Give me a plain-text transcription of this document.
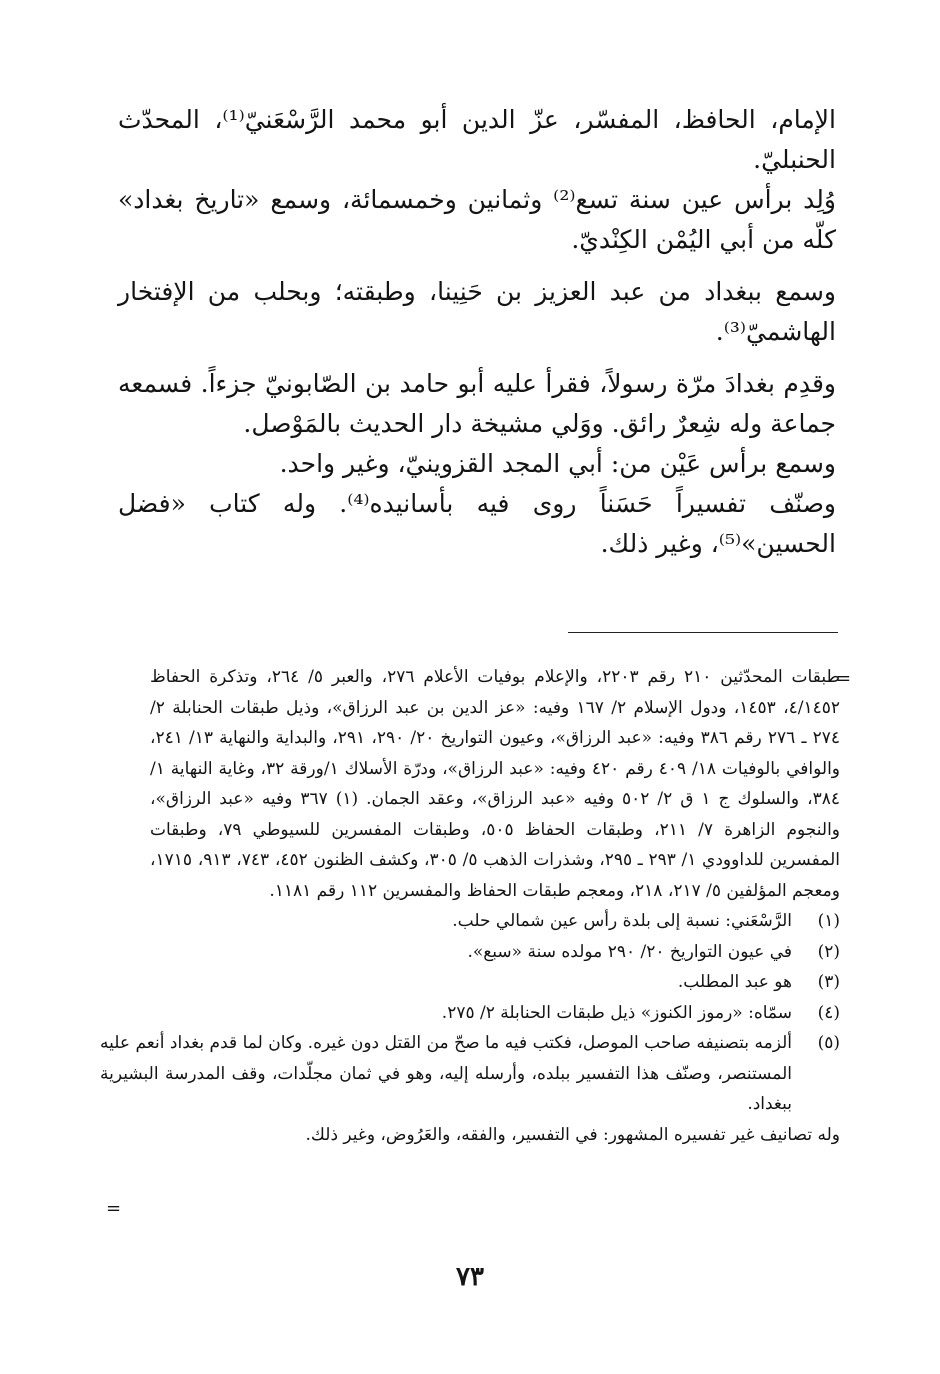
الإمام، الحافظ، المفسّر، عزّ الدين أبو محمد الرَّسْعَنيّ⁽¹⁾، المحدّث الحنبليّ.

وُلِد برأس عين سنة تسع⁽²⁾ وثمانين وخمسمائة، وسمع «تاريخ بغداد» كلّه من أبي اليُمْن الكِنْديّ.

وسمع ببغداد من عبد العزيز بن حَنِينا، وطبقته؛ وبحلب من الإفتخار الهاشميّ⁽³⁾.

وقدِم بغدادَ مرّة رسولاً، فقرأ عليه أبو حامد بن الصّابونيّ جزءاً. فسمعه جماعة وله شِعرٌ رائق. ووَلي مشيخة دار الحديث بالمَوْصل.

وسمع برأس عَيْن من: أبي المجد القزوينيّ، وغير واحد.

وصنّف تفسيراً حَسَناً روى فيه بأسانيده⁽⁴⁾. وله كتاب «فضل الحسين»⁽⁵⁾، وغير ذلك.

=
طبقات المحدّثين ٢١٠ رقم ٢٢٠٣، والإعلام بوفيات الأعلام ٢٧٦، والعبر ٥/ ٢٦٤، وتذكرة الحفاظ ٤/١٤٥٢، ١٤٥٣، ودول الإسلام ٢/ ١٦٧ وفيه: «عز الدين بن عبد الرزاق»، وذيل طبقات الحنابلة ٢/ ٢٧٤ ـ ٢٧٦ رقم ٣٨٦ وفيه: «عبد الرزاق»، وعيون التواريخ ٢٠/ ٢٩٠، ٢٩١، والبداية والنهاية ١٣/ ٢٤١، والوافي بالوفيات ١٨/ ٤٠٩ رقم ٤٢٠ وفيه: «عبد الرزاق»، ودرّة الأسلاك ١/ورقة ٣٢، وغاية النهاية ١/ ٣٨٤، والسلوك ج ١ ق ٢/ ٥٠٢ وفيه «عبد الرزاق»، وعقد الجمان. (١) ٣٦٧ وفيه «عبد الرزاق»، والنجوم الزاهرة ٧/ ٢١١، وطبقات الحفاظ ٥٠٥، وطبقات المفسرين للسيوطي ٧٩، وطبقات المفسرين للداوودي ١/ ٢٩٣ ـ ٢٩٥، وشذرات الذهب ٥/ ٣٠٥، وكشف الظنون ٤٥٢، ٧٤٣، ٩١٣، ١٧١٥، ومعجم المؤلفين ٥/ ٢١٧، ٢١٨، ومعجم طبقات الحفاظ والمفسرين ١١٢ رقم ١١٨١.
(١)
الرَّسْعَني: نسبة إلى بلدة رأس عين شمالي حلب.
(٢)
في عيون التواريخ ٢٠/ ٢٩٠ مولده سنة «سبع».
(٣)
هو عبد المطلب.
(٤)
سمّاه: «رموز الكنوز» ذيل طبقات الحنابلة ٢/ ٢٧٥.
(٥)
ألزمه بتصنيفه صاحب الموصل، فكتب فيه ما صحّ من القتل دون غيره. وكان لما قدم بغداد أنعم عليه المستنصر، وصنّف هذا التفسير ببلده، وأرسله إليه، وهو في ثمان مجلّدات، وقف المدرسة البشيرية ببغداد.
وله تصانيف غير تفسيره المشهور: في التفسير، والفقه، والعَرُوض، وغير ذلك.
=
٧٣
